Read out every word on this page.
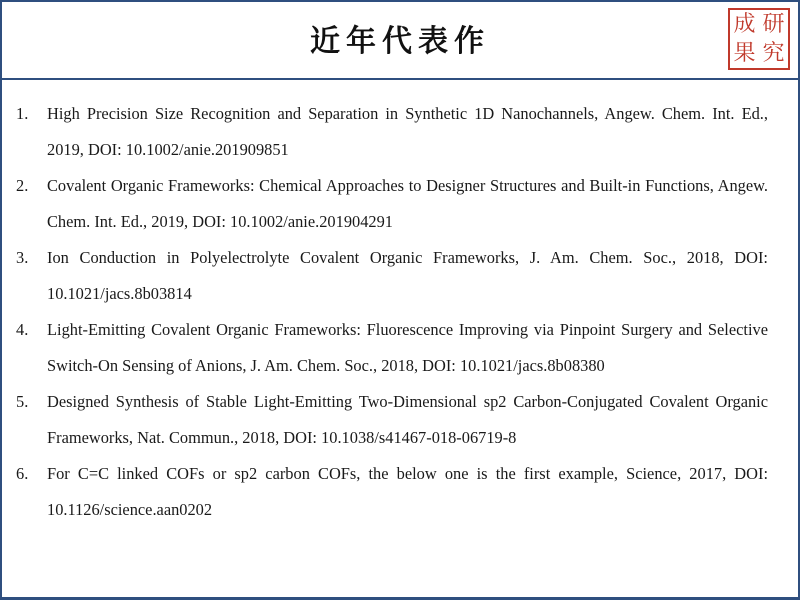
近年代表作	成 研
果 究
1. High Precision Size Recognition and Separation in Synthetic 1D Nanochannels, Angew. Chem. Int. Ed., 2019, DOI: 10.1002/anie.201909851
2. Covalent Organic Frameworks: Chemical Approaches to Designer Structures and Built-in Functions, Angew. Chem. Int. Ed., 2019, DOI: 10.1002/anie.201904291
3. Ion Conduction in Polyelectrolyte Covalent Organic Frameworks, J. Am. Chem. Soc., 2018, DOI: 10.1021/jacs.8b03814
4. Light-Emitting Covalent Organic Frameworks: Fluorescence Improving via Pinpoint Surgery and Selective Switch-On Sensing of Anions, J. Am. Chem. Soc., 2018, DOI: 10.1021/jacs.8b08380
5. Designed Synthesis of Stable Light-Emitting Two-Dimensional sp2 Carbon-Conjugated Covalent Organic Frameworks, Nat. Commun., 2018, DOI: 10.1038/s41467-018-06719-8
6. For C=C linked COFs or sp2 carbon COFs, the below one is the first example, Science, 2017, DOI: 10.1126/science.aan0202
